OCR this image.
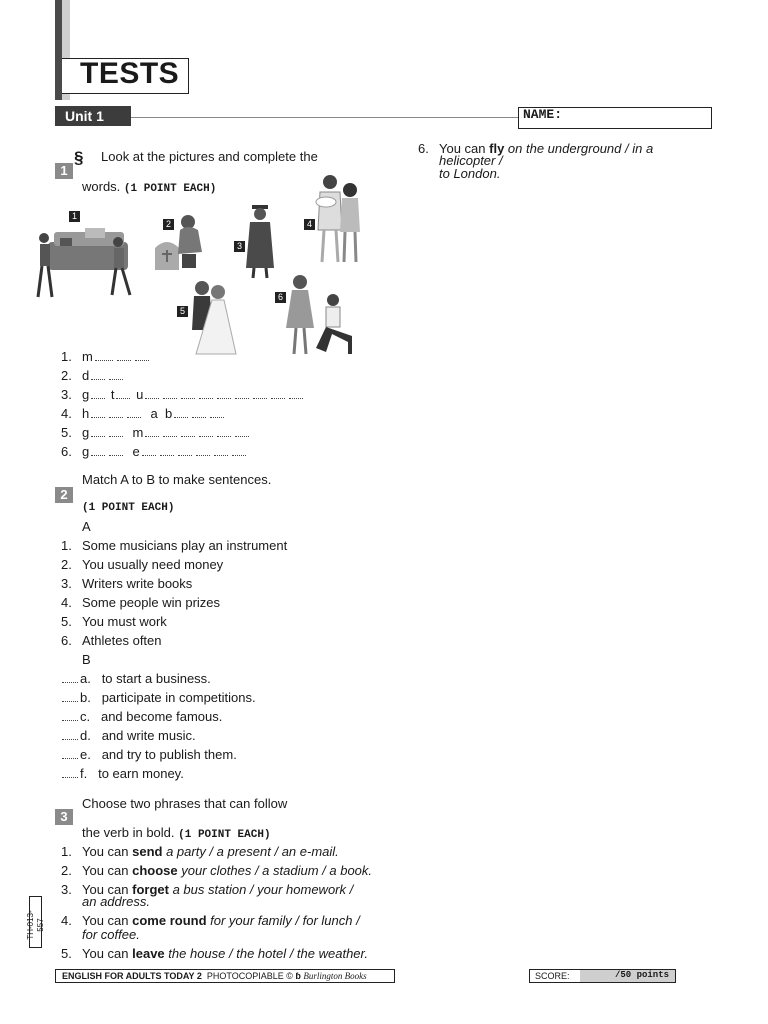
TESTS
Unit 1	NAME:
1
§ Look at the pictures and complete the
words. (1 POINT EACH)
1
2
3
4
5
6
1. m
2. d
3. g t u
4. h	a b
5. g	m
6. g	e
2
Match A to B to make sentences.
(1 POINT EACH)
A
1. Some musicians play an instrument
2. You usually need money
3. Writers write books
4. Some people win prizes
5. You must work
6. Athletes often
B
a. to start a business.
b. participate in competitions.
c. and become famous.
d. and write music.
e. and try to publish them.
f. to earn money.
3
Choose two phrases that can follow
the verb in bold. (1 POINT EACH)
1. You can send a party / a present / an e-mail.
2. You can choose your clothes / a stadium / a book.
3. You can forget a bus station / your homework /
an address.
4. You can come round for your family / for lunch /
for coffee.
5. You can leave the house / the hotel / the weather.
6. You can fly on the underground / in a
helicopter /
to London.
TH-013-557
ENGLISH FOR ADULTS TODAY 2 PHOTOCOPIABLE © ɓ Burlington Books	SCORE:	/50 points
